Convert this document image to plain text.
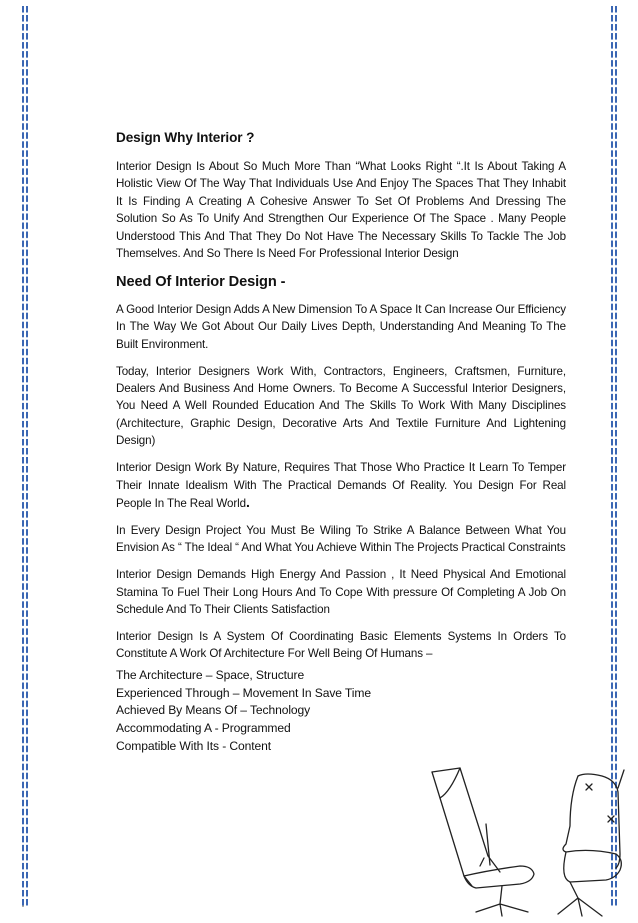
"
Design Why Interior ?

Interior Design Is About So Much More Than “What Looks Right “.It Is About Taking A Holistic View Of The Way That Individuals Use And Enjoy The Spaces That They Inhabit It Is Finding A Creating A Cohesive Answer To Set Of Problems And Dressing The Solution So As To Unify And Strengthen Our Experience Of The Space . Many People Understood This And That They Do Not Have The Necessary Skills To Tackle The Job Themselves. And So There Is Need For Professional Interior Design

Need Of Interior Design -

A Good Interior Design Adds A New Dimension To A Space It Can Increase Our Efficiency In The Way We Got About Our Daily Lives Depth, Understanding And Meaning To The Built Environment.

Today, Interior Designers Work With, Contractors, Engineers, Craftsmen, Furniture, Dealers And Business And Home Owners. To Become A Successful Interior Designers, You Need A Well Rounded Education And The Skills To Work With Many Disciplines (Architecture, Graphic Design, Decorative Arts And Textile Furniture And Lightening Design)

Interior Design Work By Nature, Requires That Those Who Practice It Learn To Temper Their Innate Idealism With The Practical Demands Of Reality. You Design For Real People In The Real World.

In Every Design Project You Must Be Wiling To Strike A Balance Between What You Envision As “ The Ideal “ And What You Achieve Within The Projects Practical Constraints

Interior Design Demands High Energy And Passion , It Need Physical And Emotional Stamina To Fuel Their Long Hours And To Cope With pressure Of Completing A Job On Schedule And To Their Clients Satisfaction

Interior Design Is A System Of Coordinating Basic Elements Systems In Orders To Constitute A Work Of Architecture For Well Being Of Humans –

The Architecture – Space, Structure
Experienced Through – Movement In Save Time
Achieved By Means Of – Technology
Accommodating A - Programmed
Compatible With Its - Content
